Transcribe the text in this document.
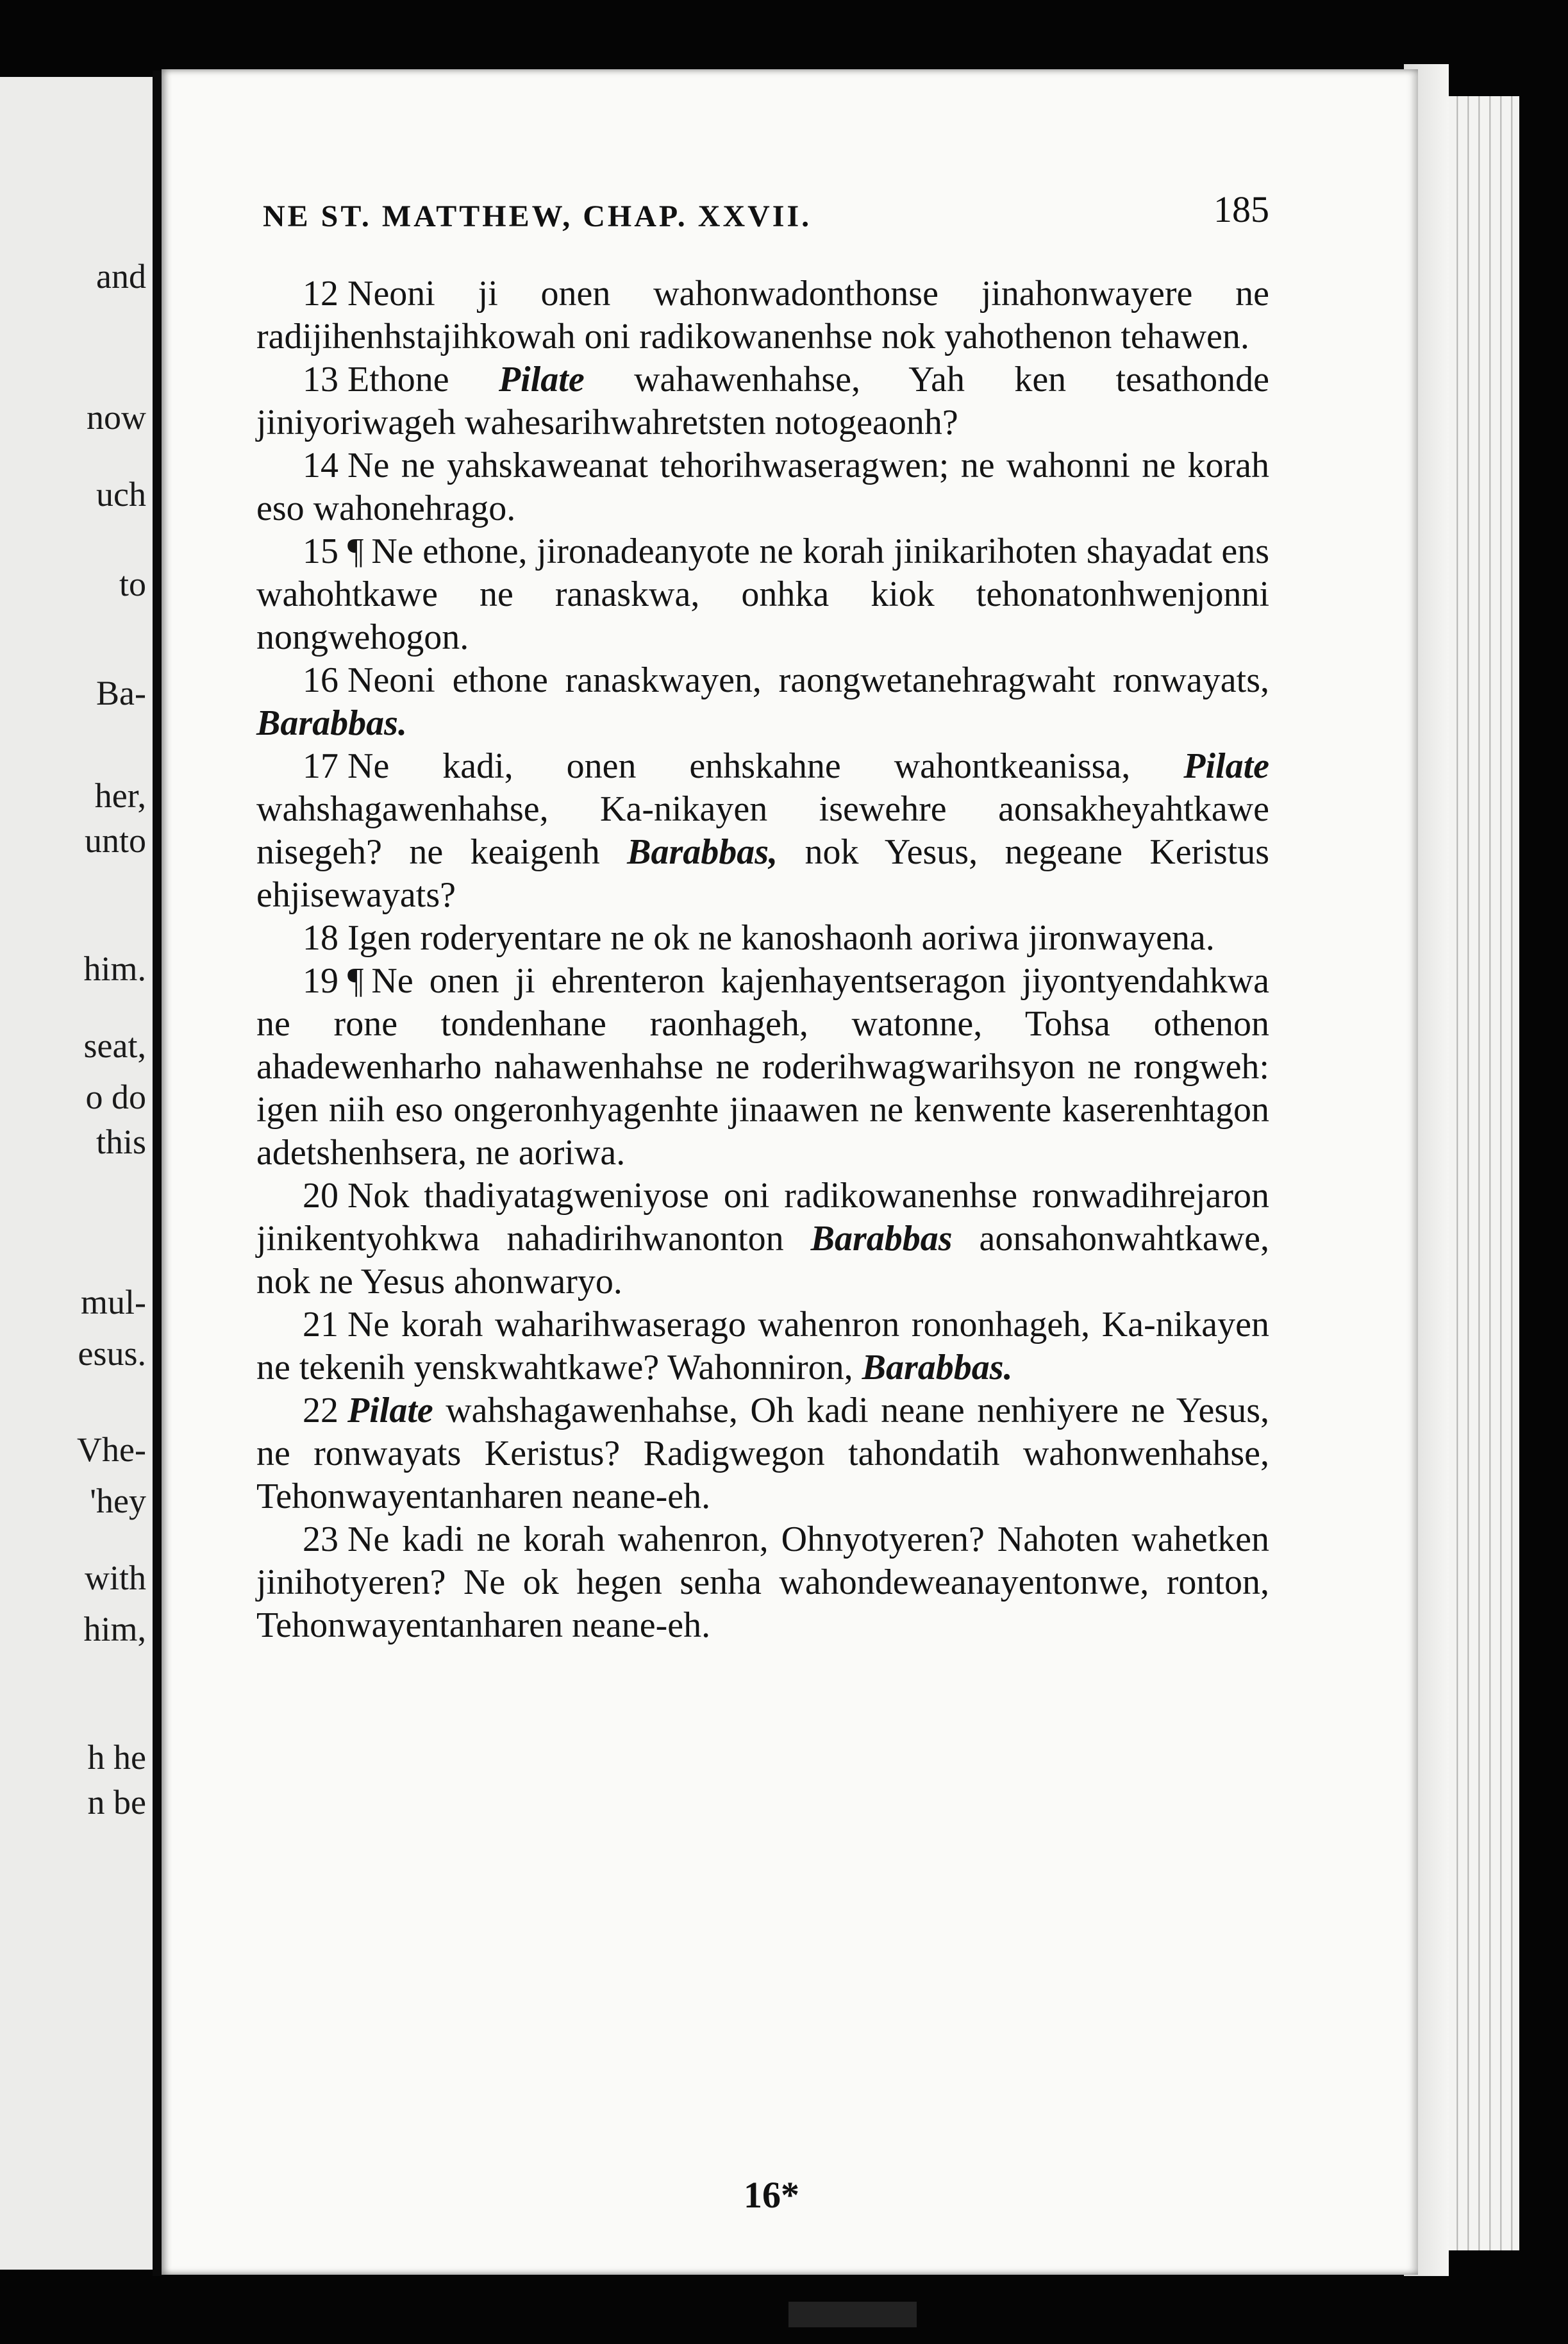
and
now
uch
to
Ba-
her,
unto
him.
seat,
o do
this
mul-
esus.
Vhe-
'hey
with
him,
h he
n be
NE ST. MATTHEW, CHAP. XXVII.	185

12 Neoni ji onen wahonwadonthonse jinahonwayere ne radijihenhstajihkowah oni radikowanenhse nok yahothenon tehawen.

13 Ethone Pilate wahawenhahse, Yah ken tesathonde jiniyoriwageh wahesarihwahretsten notogeaonh?

14 Ne ne yahskaweanat tehorihwaseragwen; ne wahonni ne korah eso wahonehrago.

15 ¶ Ne ethone, jironadeanyote ne korah jinikarihoten shayadat ens wahohtkawe ne ranaskwa, onhka kiok tehonatonhwenjonni nongwehogon.

16 Neoni ethone ranaskwayen, raongwetanehragwaht ronwayats, Barabbas.

17 Ne kadi, onen enhskahne wahontkeanissa, Pilate wahshagawenhahse, Ka-nikayen isewehre aonsakheyahtkawe nisegeh? ne keaigenh Barabbas, nok Yesus, negeane Keristus ehjisewayats?

18 Igen roderyentare ne ok ne kanoshaonh aoriwa jironwayena.

19 ¶ Ne onen ji ehrenteron kajenhayentseragon jiyontyendahkwa ne rone tondenhane raonhageh, watonne, Tohsa othenon ahadewenharho nahawenhahse ne roderihwagwarihsyon ne rongweh: igen niih eso ongeronhyagenhte jinaawen ne kenwente kaserenhtagon adetshenhsera, ne aoriwa.

20 Nok thadiyatagweniyose oni radikowanenhse ronwadihrejaron jinikentyohkwa nahadirihwanonton Barabbas aonsahonwahtkawe, nok ne Yesus ahonwaryo.

21 Ne korah waharihwaserago wahenron rononhageh, Ka-nikayen ne tekenih yenskwahtkawe? Wahonniron, Barabbas.

22 Pilate wahshagawenhahse, Oh kadi neane nenhiyere ne Yesus, ne ronwayats Keristus? Radigwegon tahondatih wahonwenhahse, Tehonwayentanharen neane-eh.

23 Ne kadi ne korah wahenron, Ohnyotyeren? Nahoten wahetken jinihotyeren? Ne ok hegen senha wahondeweanayentonwe, ronton, Tehonwayentanharen neane-eh.

16*
